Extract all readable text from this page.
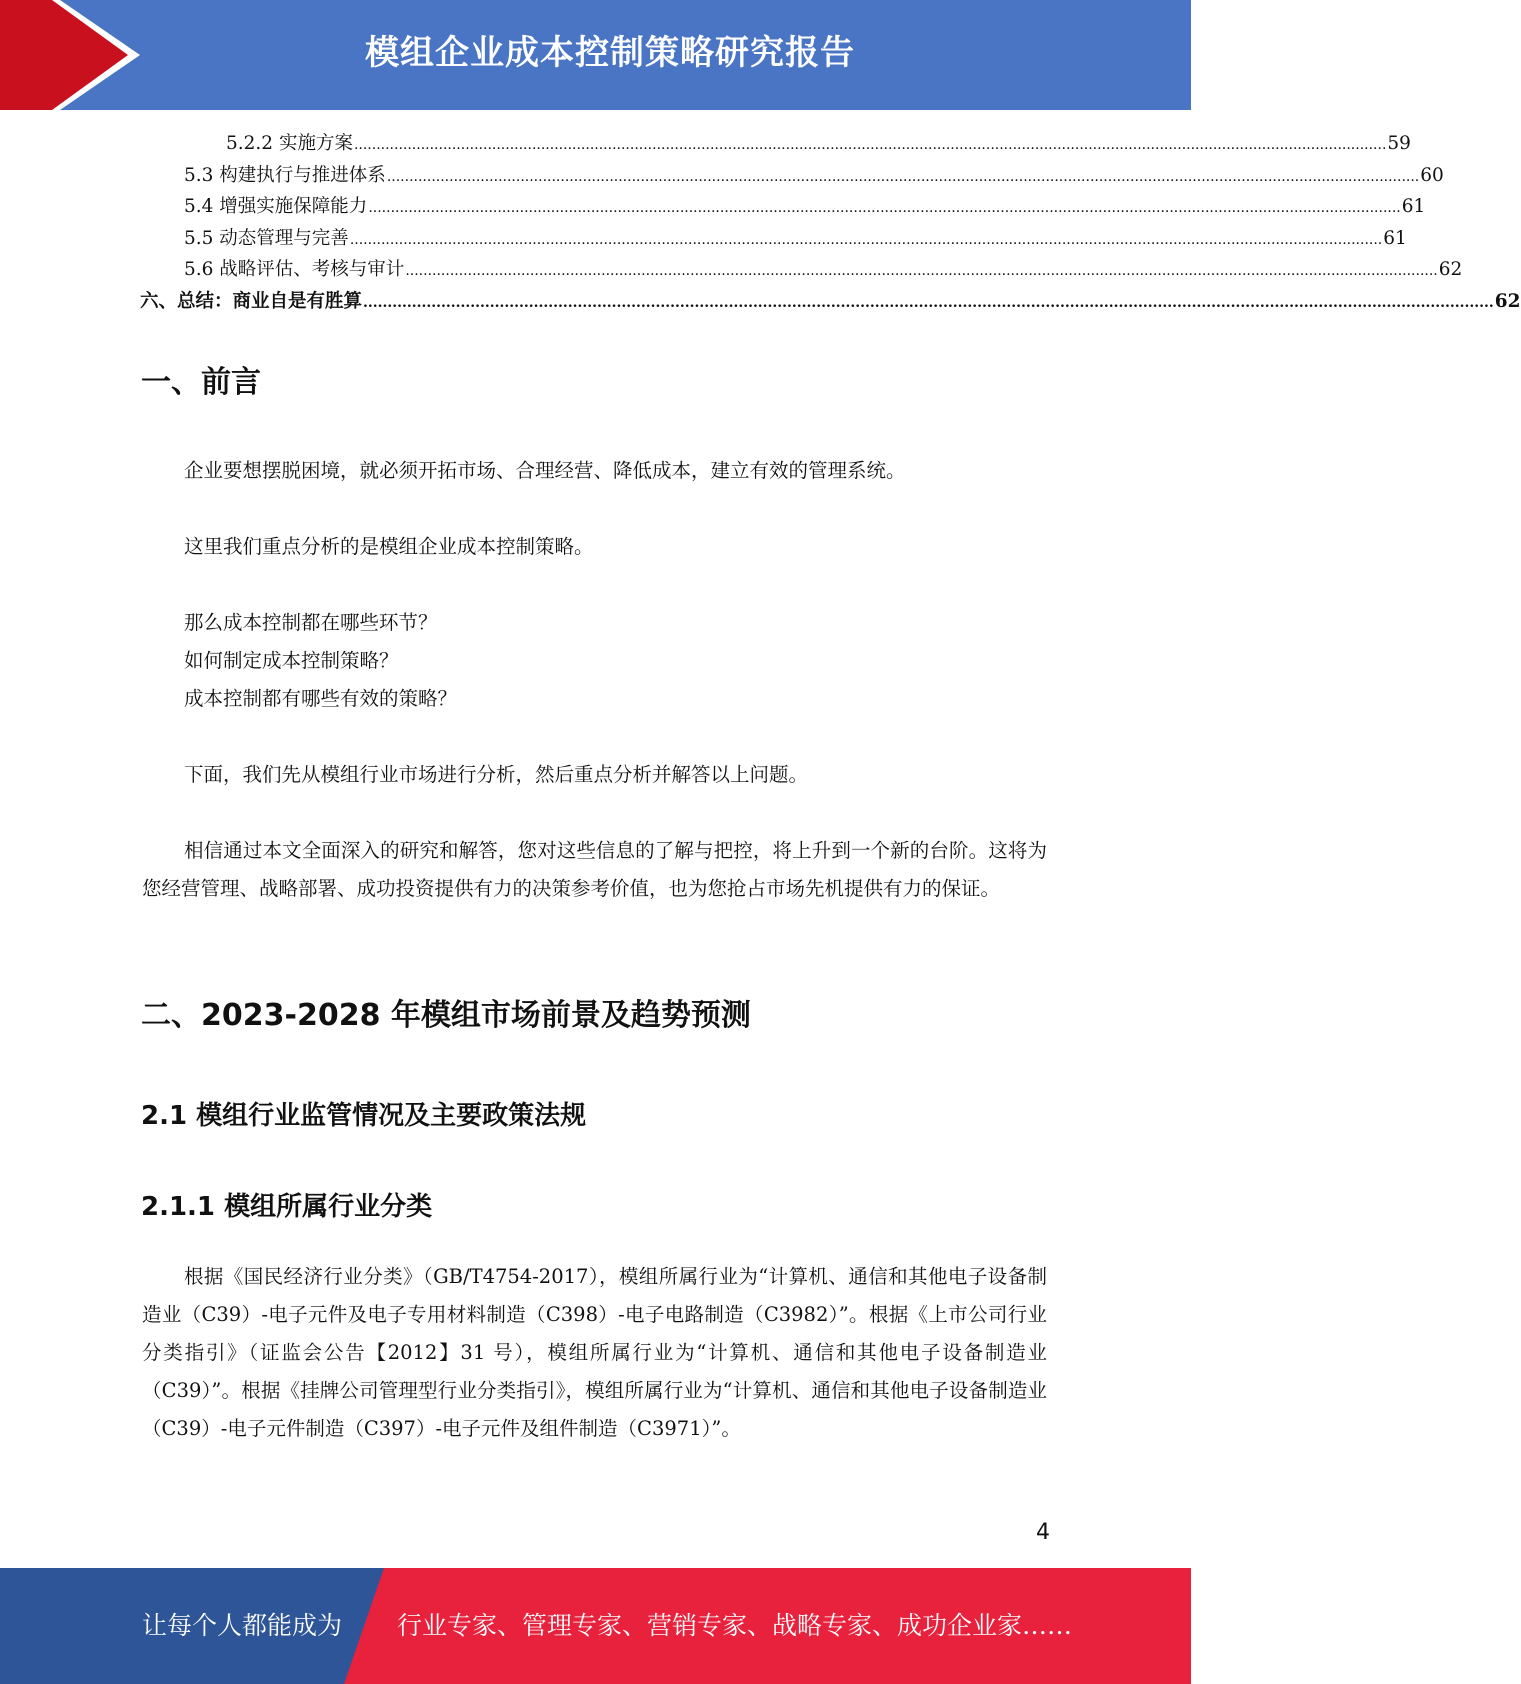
模组企业成本控制策略研究报告
5.2.2 实施方案 ........................................................................................................................................................................................................................................ 59
5.3 构建执行与推进体系 ........................................................................................................................................................................................................................................ 60
5.4 增强实施保障能力 ........................................................................................................................................................................................................................................ 61
5.5 动态管理与完善 ........................................................................................................................................................................................................................................ 61
5.6 战略评估、考核与审计 ........................................................................................................................................................................................................................................ 62
六、总结：商业自是有胜算 ........................................................................................................................................................................................................................................ 62
一、前言
企业要想摆脱困境，就必须开拓市场、合理经营、降低成本，建立有效的管理系统。
这里我们重点分析的是模组企业成本控制策略。
那么成本控制都在哪些环节？
如何制定成本控制策略？
成本控制都有哪些有效的策略？
下面，我们先从模组行业市场进行分析，然后重点分析并解答以上问题。
相信通过本文全面深入的研究和解答，您对这些信息的了解与把控，将上升到一个新的台阶。这将为您经营管理、战略部署、成功投资提供有力的决策参考价值，也为您抢占市场先机提供有力的保证。
二、2023-2028 年模组市场前景及趋势预测
2.1 模组行业监管情况及主要政策法规
2.1.1 模组所属行业分类
根据《国民经济行业分类》（GB/T4754-2017），模组所属行业为“计算机、通信和其他电子设备制造业（C39）-电子元件及电子专用材料制造（C398）-电子电路制造（C3982）”。根据《上市公司行业分类指引》（证监会公告【2012】31 号），模组所属行业为“计算机、通信和其他电子设备制造业（C39）”。根据《挂牌公司管理型行业分类指引》，模组所属行业为“计算机、通信和其他电子设备制造业（C39）-电子元件制造（C397）-电子元件及组件制造（C3971）”。
4
让每个人都能成为 行业专家、管理专家、营销专家、战略专家、成功企业家……
